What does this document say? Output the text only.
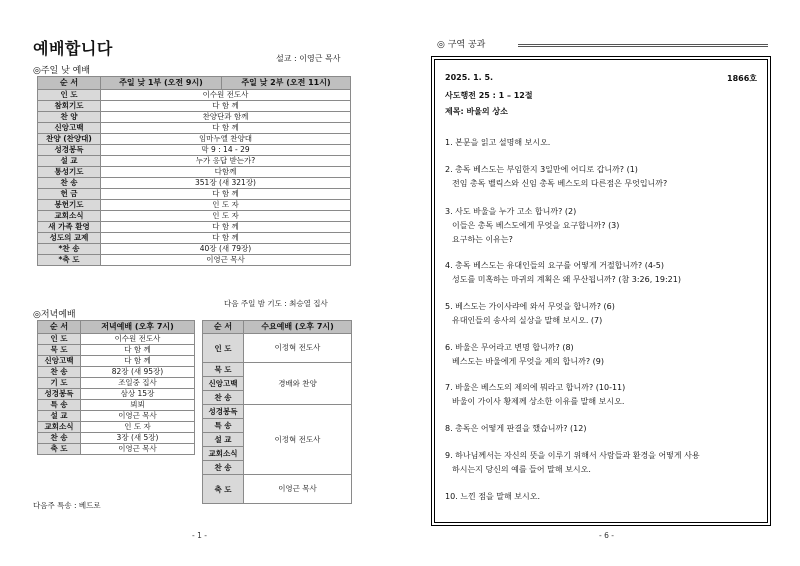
예배합니다
설교 : 이영근 목사
◎주일 낮 예배
순 서	주일 낮 1부 (오전 9시)	주일 낮 2부 (오전 11시)
인 도	이수원 전도사	
참회기도	다 함 께	
찬 양	찬양단과 함께	
신앙고백	다 함 께	
찬양 (찬양대)	임마누엘 찬양대	
성경봉독	막 9 : 14 - 29	
설 교	누가 응답 받는가?	
통성기도	다함께	
찬 송	351장 (새 321장)	
헌 금	다 함 께	
봉헌기도	인 도 자	
교회소식	인 도 자	
새 가족 환영	다 함 께	
성도의 교제	다 함 께	
*찬 송	40장 (새 79장)	
*축 도	이영근 목사	
다음 주일 밤 기도 : 최승열 집사
◎저녁예배
순 서	저녁예배 (오후 7시)
인 도	이수원 전도사
묵 도	다 함 께
신앙고백	다 함 께
찬 송	82장 (새 95장)
기 도	조일중 집사
성경봉독	삼상 15장
특 송	뵈뵈
설 교	이영근 목사
교회소식	인 도 자
찬 송	3장 (새 5장)
축 도	이영근 목사
순 서	수요예배 (오후 7시)
인 도	이정혁 전도사
묵 도	경배와 찬양
신앙고백	
찬 송	
성경봉독	이정혁 전도사
특 송	
설 교	
교회소식	
찬 송	
축 도	이영근 목사
다음주 특송 : 베드로
- 1 -
◎ 구역 공과
2025. 1. 5.	1866호
사도행전 25 : 1 – 12절
제목: 바울의 상소
1. 본문을 읽고 설명해 보시오.
2. 총독 베스도는 부임한지 3일만에 어디로 갑니까? (1)
전임 총독 벨릭스와 신임 총독 베스도의 다른점은 무엇입니까?
3. 사도 바울을 누가 고소 합니까? (2)
이들은 총독 베스도에게 무엇을 요구합니까? (3)
요구하는 이유는?
4. 총독 베스도는 유대인들의 요구를 어떻게 거절합니까? (4-5)
성도를 미혹하는 마귀의 계획은 왜 무산됩니까? (참 3:26, 19:21)
5. 베스도는 가이사랴에 와서 무엇을 합니까? (6)
유대인들의 송사의 실상을 말해 보시오. (7)
6. 바울은 무어라고 변명 합니까? (8)
베스도는 바울에게 무엇을 제의 합니까? (9)
7. 바울은 베스도의 제의에 뭐라고 합니까? (10-11)
바울이 가이사 황제께 상소한 이유를 말해 보시오.
8. 총독은 어떻게 판결을 했습니까? (12)
9. 하나님께서는 자신의 뜻을 이루기 위해서 사람들과 환경을 어떻게 사용
하시는지 당신의 예를 들어 말해 보시오.
10. 느낀 점을 말해 보시오.
- 6 -
